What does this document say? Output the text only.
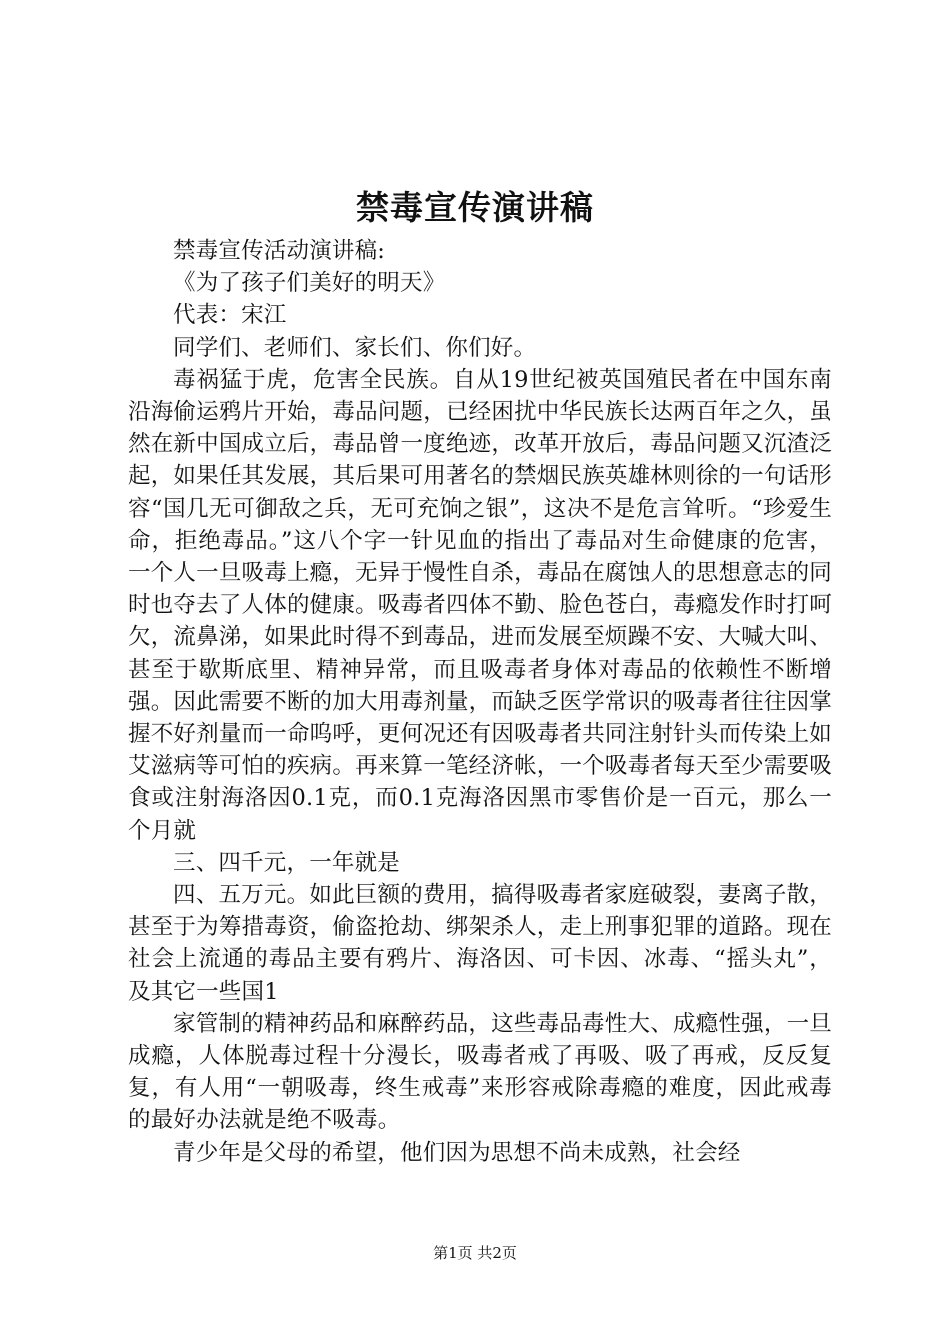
禁毒宣传演讲稿

禁毒宣传活动演讲稿:

《为了孩子们美好的明天》

代表：宋江

同学们、老师们、家长们、你们好。

毒祸猛于虎，危害全民族。自从19世纪被英国殖民者在中国东南沿海偷运鸦片开始，毒品问题，已经困扰中华民族长达两百年之久，虽然在新中国成立后，毒品曾一度绝迹，改革开放后，毒品问题又沉渣泛起，如果任其发展，其后果可用著名的禁烟民族英雄林则徐的一句话形容“国几无可御敌之兵，无可充饷之银”，这决不是危言耸听。“珍爱生命，拒绝毒品。”这八个字一针见血的指出了毒品对生命健康的危害，一个人一旦吸毒上瘾，无异于慢性自杀，毒品在腐蚀人的思想意志的同时也夺去了人体的健康。吸毒者四体不勤、脸色苍白，毒瘾发作时打呵欠，流鼻涕，如果此时得不到毒品，进而发展至烦躁不安、大喊大叫、甚至于歇斯底里、精神异常，而且吸毒者身体对毒品的依赖性不断增强。因此需要不断的加大用毒剂量，而缺乏医学常识的吸毒者往往因掌握不好剂量而一命呜呼，更何况还有因吸毒者共同注射针头而传染上如艾滋病等可怕的疾病。再来算一笔经济帐，一个吸毒者每天至少需要吸食或注射海洛因0.1克，而0.1克海洛因黑市零售价是一百元，那么一个月就

三、四千元，一年就是

四、五万元。如此巨额的费用，搞得吸毒者家庭破裂，妻离子散，甚至于为筹措毒资，偷盗抢劫、绑架杀人，走上刑事犯罪的道路。现在社会上流通的毒品主要有鸦片、海洛因、可卡因、冰毒、“摇头丸”，及其它一些国1

家管制的精神药品和麻醉药品，这些毒品毒性大、成瘾性强，一旦成瘾，人体脱毒过程十分漫长，吸毒者戒了再吸、吸了再戒，反反复复，有人用“一朝吸毒，终生戒毒”来形容戒除毒瘾的难度，因此戒毒的最好办法就是绝不吸毒。

青少年是父母的希望，他们因为思想不尚未成熟，社会经

第1页 共2页
